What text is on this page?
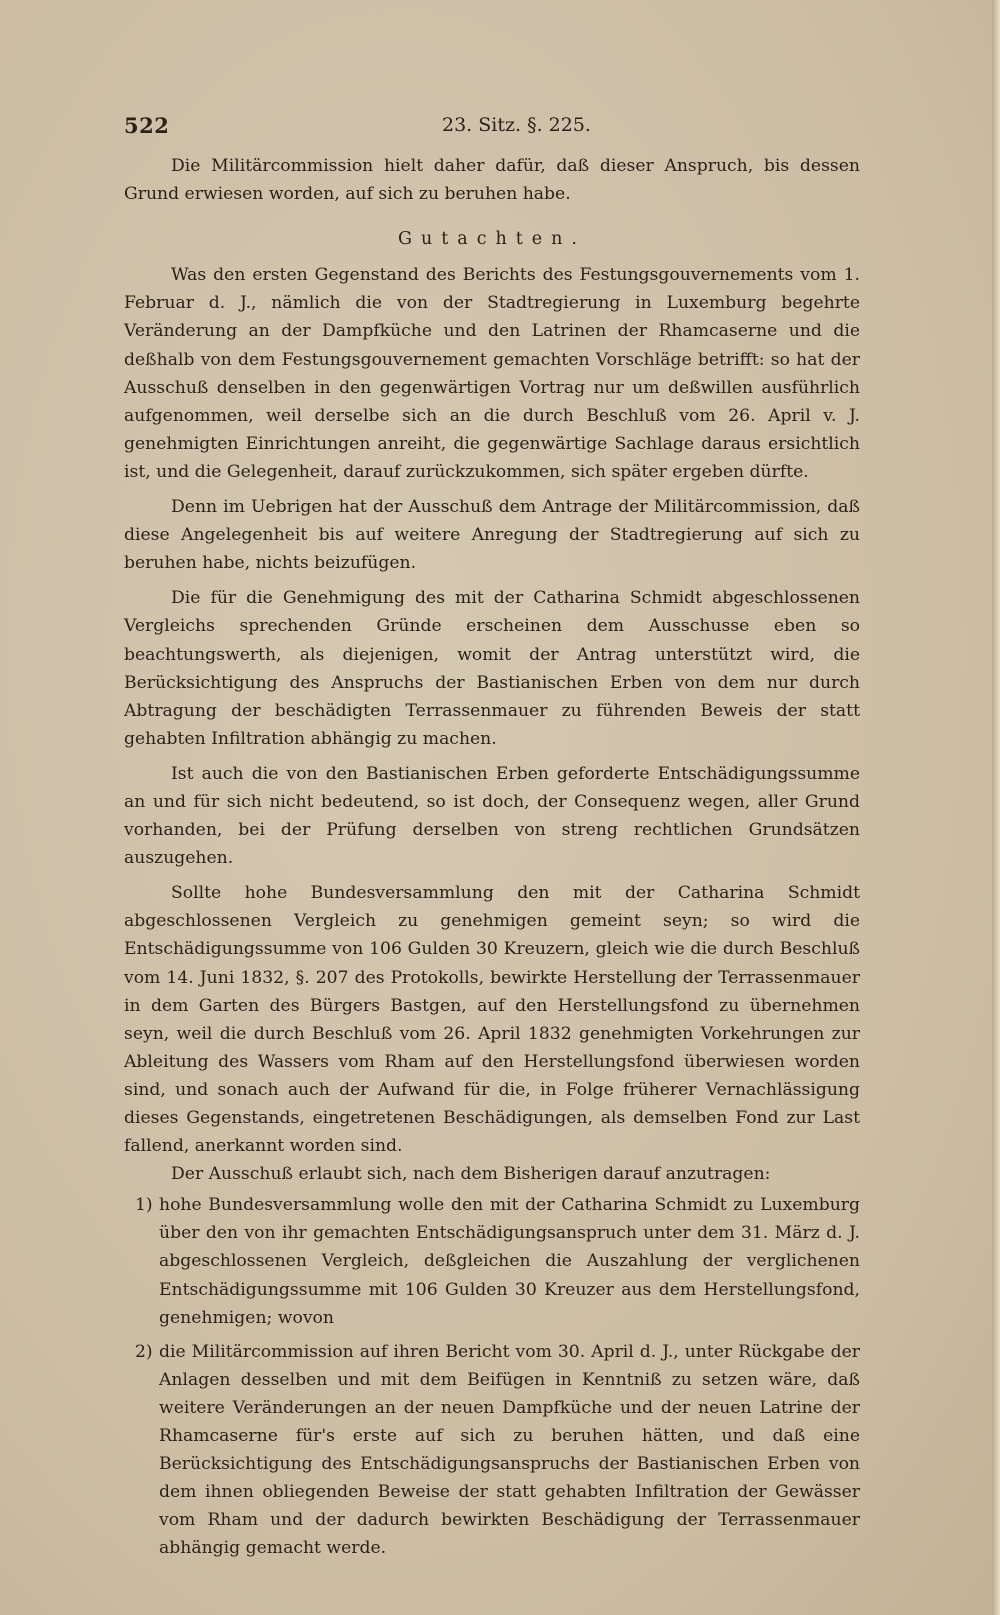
522	23. Sitz. §. 225.

Die Militärcommission hielt daher dafür, daß dieser Anspruch, bis dessen Grund erwiesen worden, auf sich zu beruhen habe.

Gutachten.

Was den ersten Gegenstand des Berichts des Festungsgouvernements vom 1. Februar d. J., nämlich die von der Stadtregierung in Luxemburg begehrte Veränderung an der Dampfküche und den Latrinen der Rhamcaserne und die deßhalb von dem Festungsgouvernement gemachten Vorschläge betrifft: so hat der Ausschuß denselben in den gegenwärtigen Vortrag nur um deßwillen ausführlich aufgenommen, weil derselbe sich an die durch Beschluß vom 26. April v. J. genehmigten Einrichtungen anreiht, die gegenwärtige Sachlage daraus ersichtlich ist, und die Gelegenheit, darauf zurückzukommen, sich später ergeben dürfte.

Denn im Uebrigen hat der Ausschuß dem Antrage der Militärcommission, daß diese Angelegenheit bis auf weitere Anregung der Stadtregierung auf sich zu beruhen habe, nichts beizufügen.

Die für die Genehmigung des mit der Catharina Schmidt abgeschlossenen Vergleichs sprechenden Gründe erscheinen dem Ausschusse eben so beachtungswerth, als diejenigen, womit der Antrag unterstützt wird, die Berücksichtigung des Anspruchs der Bastianischen Erben von dem nur durch Abtragung der beschädigten Terrassenmauer zu führenden Beweis der statt gehabten Infiltration abhängig zu machen.

Ist auch die von den Bastianischen Erben geforderte Entschädigungssumme an und für sich nicht bedeutend, so ist doch, der Consequenz wegen, aller Grund vorhanden, bei der Prüfung derselben von streng rechtlichen Grundsätzen auszugehen.

Sollte hohe Bundesversammlung den mit der Catharina Schmidt abgeschlossenen Vergleich zu genehmigen gemeint seyn; so wird die Entschädigungssumme von 106 Gulden 30 Kreuzern, gleich wie die durch Beschluß vom 14. Juni 1832, §. 207 des Protokolls, bewirkte Herstellung der Terrassenmauer in dem Garten des Bürgers Bastgen, auf den Herstellungsfond zu übernehmen seyn, weil die durch Beschluß vom 26. April 1832 genehmigten Vorkehrungen zur Ableitung des Wassers vom Rham auf den Herstellungsfond überwiesen worden sind, und sonach auch der Aufwand für die, in Folge früherer Vernachlässigung dieses Gegenstands, eingetretenen Beschädigungen, als demselben Fond zur Last fallend, anerkannt worden sind.

Der Ausschuß erlaubt sich, nach dem Bisherigen darauf anzutragen:

1) hohe Bundesversammlung wolle den mit der Catharina Schmidt zu Luxemburg über den von ihr gemachten Entschädigungsanspruch unter dem 31. März d. J. abgeschlossenen Vergleich, deßgleichen die Auszahlung der verglichenen Entschädigungssumme mit 106 Gulden 30 Kreuzer aus dem Herstellungsfond, genehmigen; wovon
2) die Militärcommission auf ihren Bericht vom 30. April d. J., unter Rückgabe der Anlagen desselben und mit dem Beifügen in Kenntniß zu setzen wäre, daß weitere Veränderungen an der neuen Dampfküche und der neuen Latrine der Rhamcaserne für's erste auf sich zu beruhen hätten, und daß eine Berücksichtigung des Entschädigungsanspruchs der Bastianischen Erben von dem ihnen obliegenden Beweise der statt gehabten Infiltration der Gewässer vom Rham und der dadurch bewirkten Beschädigung der Terrassenmauer abhängig gemacht werde.
